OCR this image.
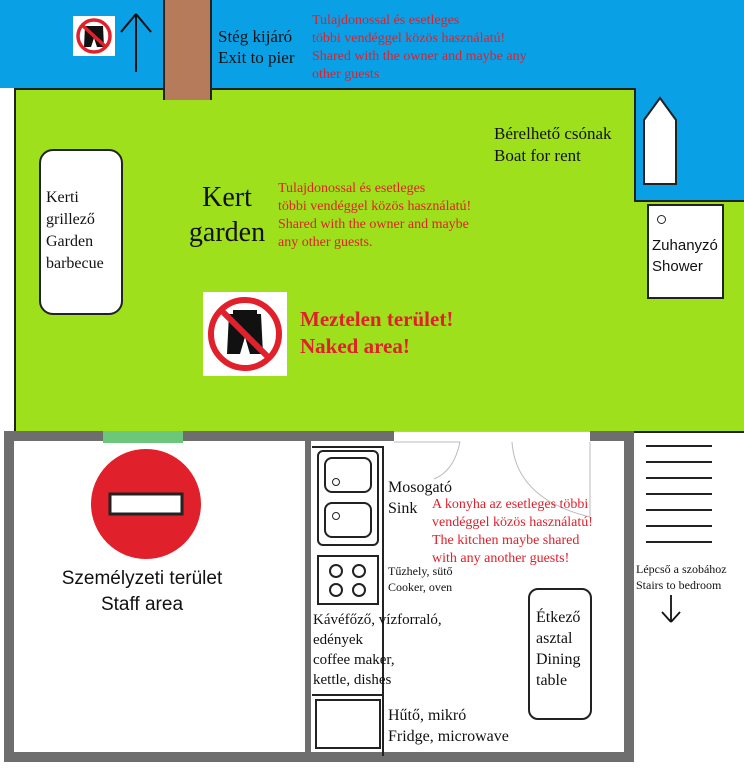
Stég kijáró
Exit to pier
Tulajdonossal és esetleges
többi vendéggel közös használatú!
Shared with the owner and maybe any
other guests
Bérelhető csónak
Boat for rent
Kerti
grillező
Garden
barbecue
Kert
garden
Tulajdonossal és esetleges
többi vendéggel közös használatú!
Shared with the owner and maybe
any other guests.	Zuhanyzó
Shower
Meztelen terület!
Naked area!
Személyzeti terület
Staff area
Mosogató
Sink	A konyha az esetleges többi
vendéggel közös használatú!
The kitchen maybe shared
with any another guests!
Tűzhely, sütő
Cooker, oven
Kávéfőző, vízforraló,
edények
coffee maker,
kettle, dishes
Hűtő, mikró
Fridge, microwave
Étkező
asztal
Dining
table
Lépcső a szobához
Stairs to bedroom
